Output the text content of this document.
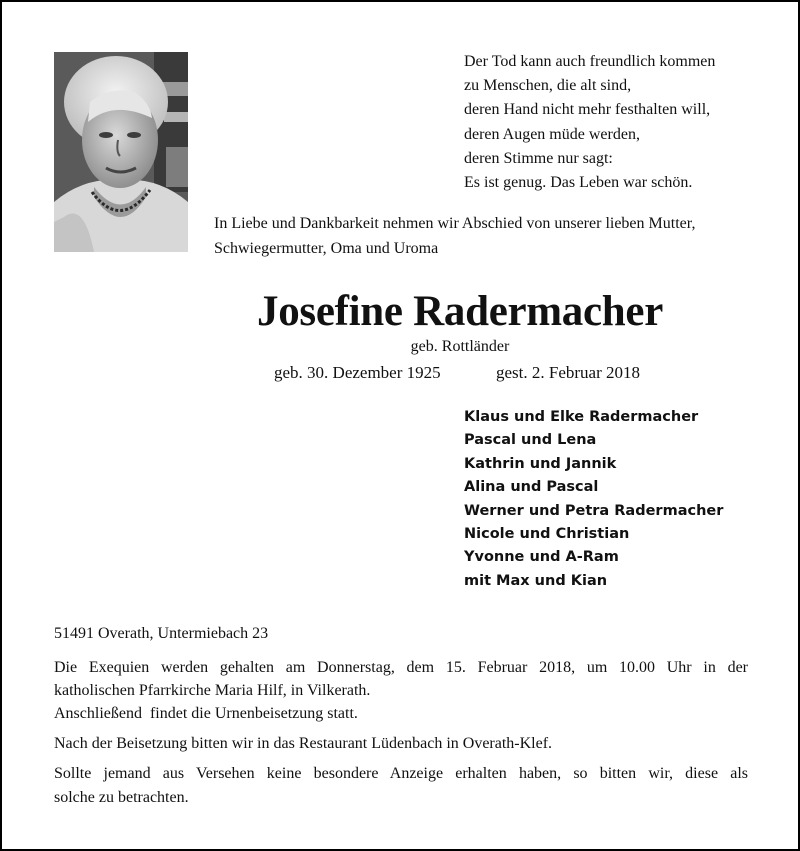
Der Tod kann auch freundlich kommen
zu Menschen, die alt sind,
deren Hand nicht mehr festhalten will,
deren Augen müde werden,
deren Stimme nur sagt:
Es ist genug. Das Leben war schön.
In Liebe und Dankbarkeit nehmen wir Abschied von unserer lieben Mutter,
Schwiegermutter, Oma und Uroma
Josefine Radermacher
geb. Rottländer
geb. 30. Dezember 1925	gest. 2. Februar 2018
Klaus und Elke Radermacher
Pascal und Lena
Kathrin und Jannik
Alina und Pascal
Werner und Petra Radermacher
Nicole und Christian
Yvonne und A-Ram
mit Max und Kian
51491 Overath, Untermiebach 23
Die Exequien werden gehalten am Donnerstag, dem 15. Februar 2018, um 10.00 Uhr in der
katholischen Pfarrkirche Maria Hilf, in Vilkerath.
Anschließend  findet die Urnenbeisetzung statt.
Nach der Beisetzung bitten wir in das Restaurant Lüdenbach in Overath-Klef.
Sollte jemand aus Versehen keine besondere Anzeige erhalten haben, so bitten wir, diese als
solche zu betrachten.
